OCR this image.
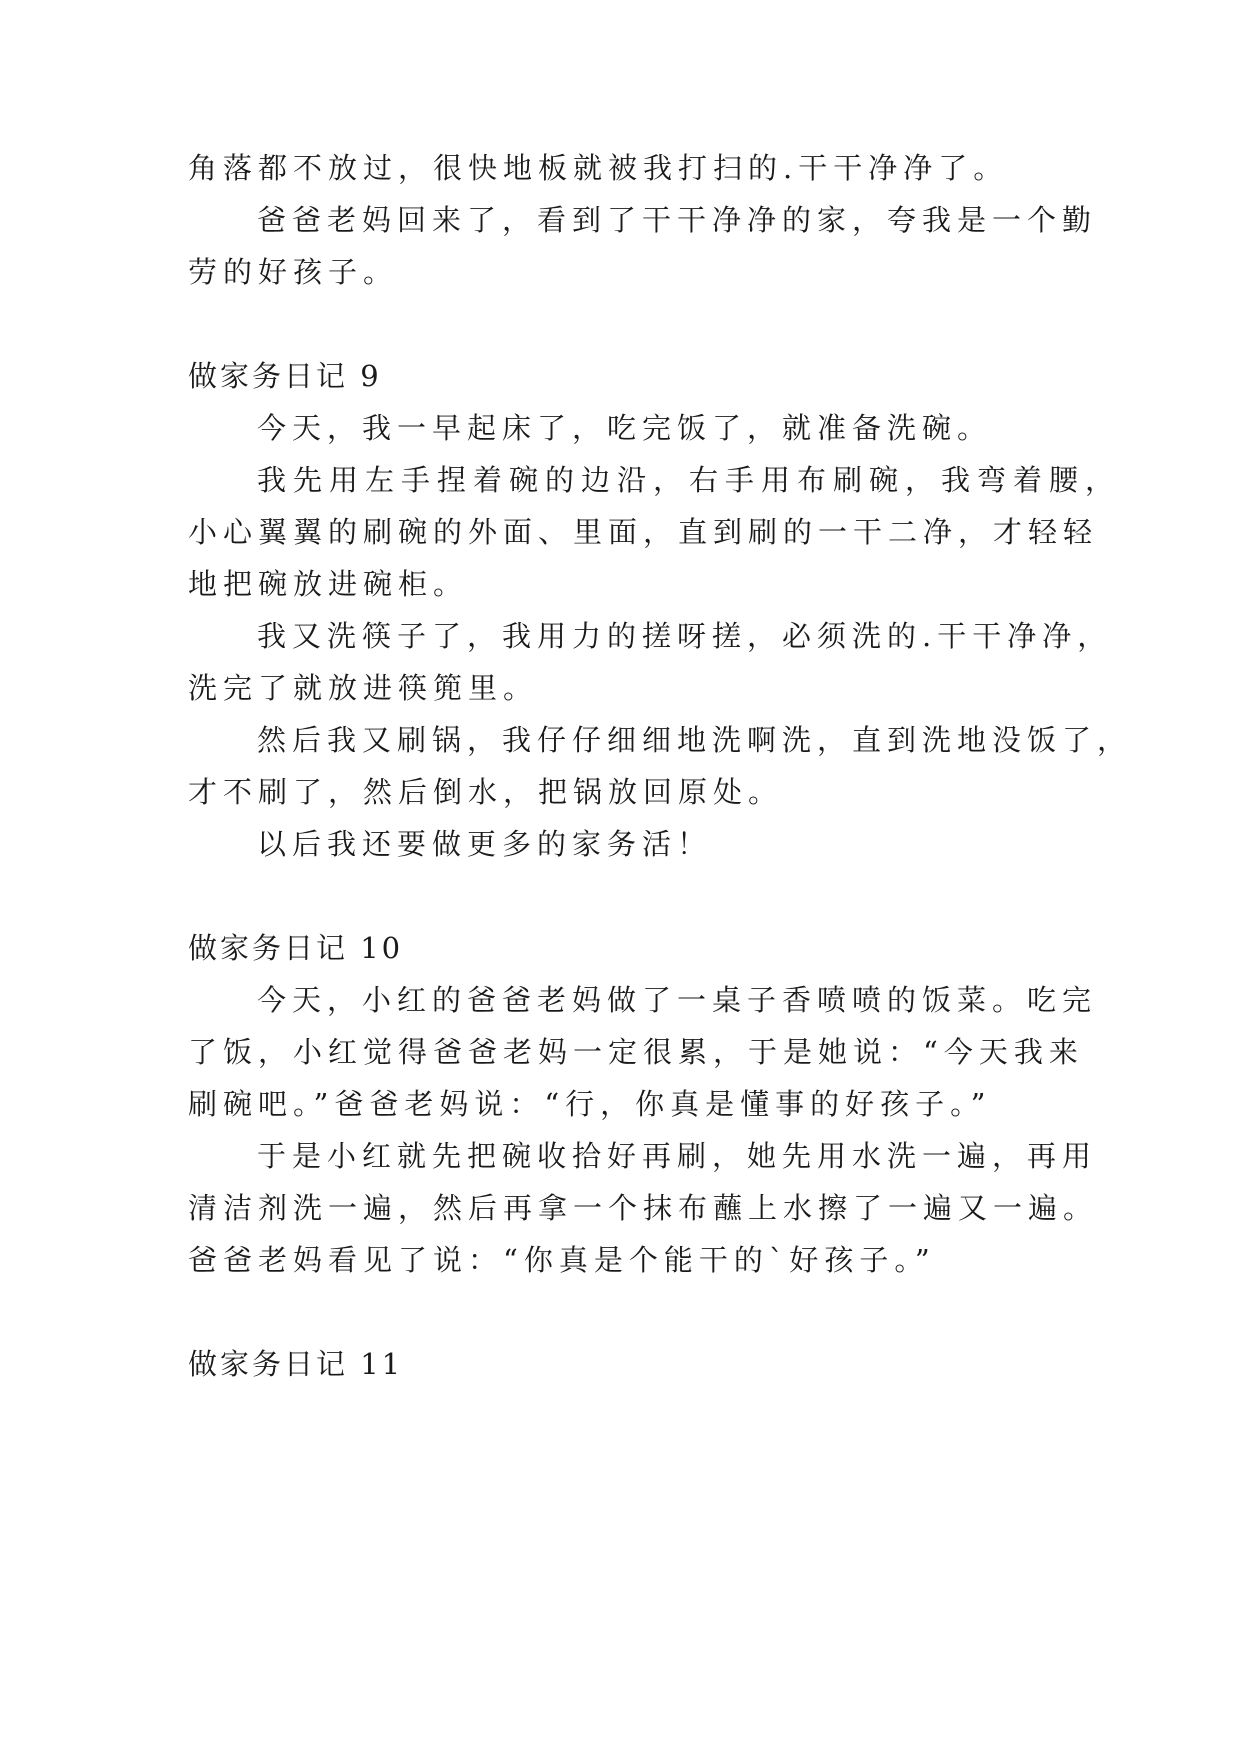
角落都不放过，很快地板就被我打扫的.干干净净了。
爸爸老妈回来了，看到了干干净净的家，夸我是一个勤
劳的好孩子。
做家务日记 9
今天，我一早起床了，吃完饭了，就准备洗碗。
我先用左手捏着碗的边沿，右手用布刷碗，我弯着腰，
小心翼翼的刷碗的外面、里面，直到刷的一干二净，才轻轻
地把碗放进碗柜。
我又洗筷子了，我用力的搓呀搓，必须洗的.干干净净，
洗完了就放进筷篼里。
然后我又刷锅，我仔仔细细地洗啊洗，直到洗地没饭了，
才不刷了，然后倒水，把锅放回原处。
以后我还要做更多的家务活！
做家务日记 10
今天，小红的爸爸老妈做了一桌子香喷喷的饭菜。吃完
了饭，小红觉得爸爸老妈一定很累，于是她说：“今天我来
刷碗吧。”爸爸老妈说：“行，你真是懂事的好孩子。”
于是小红就先把碗收拾好再刷，她先用水洗一遍，再用
清洁剂洗一遍，然后再拿一个抹布蘸上水擦了一遍又一遍。
爸爸老妈看见了说：“你真是个能干的`好孩子。”
做家务日记 11
